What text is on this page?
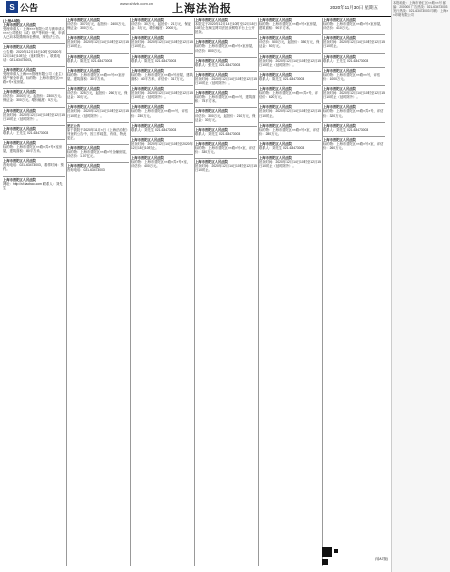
S 公告	www.shfzb.com.cn 上海法治报	2020年11月30日 星期五
(上接A5版)
上海市普陀区人民法院
受理申请人：上海×××有限公司与被申请人×××公司股权（或）财产等纠纷一案，申请人已向本院缴纳诉讼费用，现依法公告。
上海市普陀区人民法院
公告期：2020年12月15日10时至2020年12月16日10时止（延时除外）。联系电话：021-63473003。
上海市普陀区人民法院
受理申请人上海×××管理有限公司（业主）财产保全申请，标的物：上海市普陀区××路×号×室房屋。
上海市普陀区人民法院
评估价：3000万元。起拍价：2300万元。保证金：300万元。增价幅度：5万元。
上海市普陀区人民法院
拍卖时间：2020年12月14日10时至12月15日10时止（延时除外）。
上海市普陀区人民法院
联系人：王先生 021-63473003
上海市普陀区人民法院
标的物：上海市普陀区××路×弄×号×室房屋，建筑面积：80平方米。
上海市普陀区人民法院
咨询电话：021-63473003，看样时间：预约。
上海市普陀区人民法院
网址：http://sf.taobao.com 联系人：刘先生
上海市普陀区人民法院
评估价：3070万元，起拍价：2400万元，保证金：300万元。
上海市普陀区人民法院
拍卖时间：2020年12月14日10时至12月15日10时止。
上海市普陀区人民法院
联系人：陈先生 021-63473003
上海市普陀区人民法院
标的物：上海市普陀区××路××号××室房屋。建筑面积：30平方米。
上海市普陀区人民法院
评估价：325万元，起拍价：260万元，保证金：30万元。
上海市普陀区人民法院
拍卖时间：2020年12月14日10时至12月15日10时止（延时除外）。
更正公告
原于我院于2020年11月×日《上海法治报》刊登的公告中，因工作疏忽，有误，特此更正。
上海市普陀区人民法院
标的物：上海市普陀区××路×号全幢房屋，评估价：1.07亿元。
上海市普陀区人民法院
咨询电话：021-63473003
上海市普陀区人民法院
评估价：30万元，起拍价：21万元，保证金：3万元，增价幅度：2000元。
上海市普陀区人民法院
拍卖时间：2020年12月14日10时至12月15日10时止。
上海市普陀区人民法院
联系人：陈先生 021-63473003
上海市普陀区人民法院
标的物：上海市普陀区××路×号房屋，建筑面积：40平方米，评估价：317万元。
上海市普陀区人民法院
拍卖时间：2020年12月14日10时至12月15日10时止（延时除外）。
上海市普陀区人民法院
标的物：上海市普陀区××路××号，评估价：230万元。
上海市普陀区人民法院
联系人：刘先生 021-63473003
上海市普陀区人民法院
拍卖时间：2020年12月14日10时至2020年12月15日10时止。
上海市普陀区人民法院
标的物：上海市普陀区××路×弄×号×室，评估价：400万元。
上海市普陀区人民法院
本院定于2020年12月14日10时至12月15日10时止在淘宝网司法拍卖网络平台上公开拍卖。
上海市普陀区人民法院
标的物：上海市普陀区××路×号×室房屋，评估价：800万元。
上海市普陀区人民法院
联系人：张先生 021-63473003
上海市普陀区人民法院
拍卖时间：2020年12月14日10时至12月15日10时止（延时除外）。
上海市普陀区人民法院
标的物：上海市普陀区××路××号，建筑面积：75平方米。
上海市普陀区人民法院
评估价：300万元，起拍价：210万元，保证金：30万元。
上海市普陀区人民法院
联系人：刘先生 021-63473003
上海市普陀区人民法院
标的物：上海市普陀区××路×号×室，评估价：330万元。
上海市普陀区人民法院
拍卖时间：2020年12月14日10时至12月15日10时止。
上海市普陀区人民法院
标的物：上海市普陀区××路×号×室房屋，建筑面积：90平方米。
上海市普陀区人民法院
评估价：500万元，起拍价：350万元，保证金：50万元。
上海市普陀区人民法院
拍卖时间：2020年12月14日10时至12月15日10时止（延时除外）。
上海市普陀区人民法院
联系人：陈先生 021-63473003
上海市普陀区人民法院
标的物：上海市普陀区××路××弄×号，评估价：620万元。
上海市普陀区人民法院
拍卖时间：2020年12月14日10时至12月15日10时止。
上海市普陀区人民法院
标的物：上海市普陀区××路×号×室，评估价：280万元。
上海市普陀区人民法院
联系人：刘先生 021-63473003
上海市普陀区人民法院
拍卖时间：2020年12月14日10时至12月15日10时止（延时除外）。
上海市普陀区人民法院
标的物：上海市普陀区××路×号×室房屋，评估价：410万元。
上海市普陀区人民法院
拍卖时间：2020年12月14日10时至12月15日10时止。
上海市普陀区人民法院
联系人：王先生 021-63473003
上海市普陀区人民法院
标的物：上海市普陀区××路××号，评估价：1000万元。
上海市普陀区人民法院
拍卖时间：2020年12月14日10时至12月15日10时止（延时除外）。
上海市普陀区人民法院
标的物：上海市普陀区××路×弄×号，评估价：320万元。
上海市普陀区人民法院
联系人：刘先生 021-63473003
上海市普陀区人民法院
标的物：上海市普陀区××路×号×室，评估价：260万元。
(转A7版)
本报地址：上海市徐汇区××路××号 邮编：200000 广告热线：021-63473003 发行热线：021-63473003 印刷：上海××印刷有限公司
